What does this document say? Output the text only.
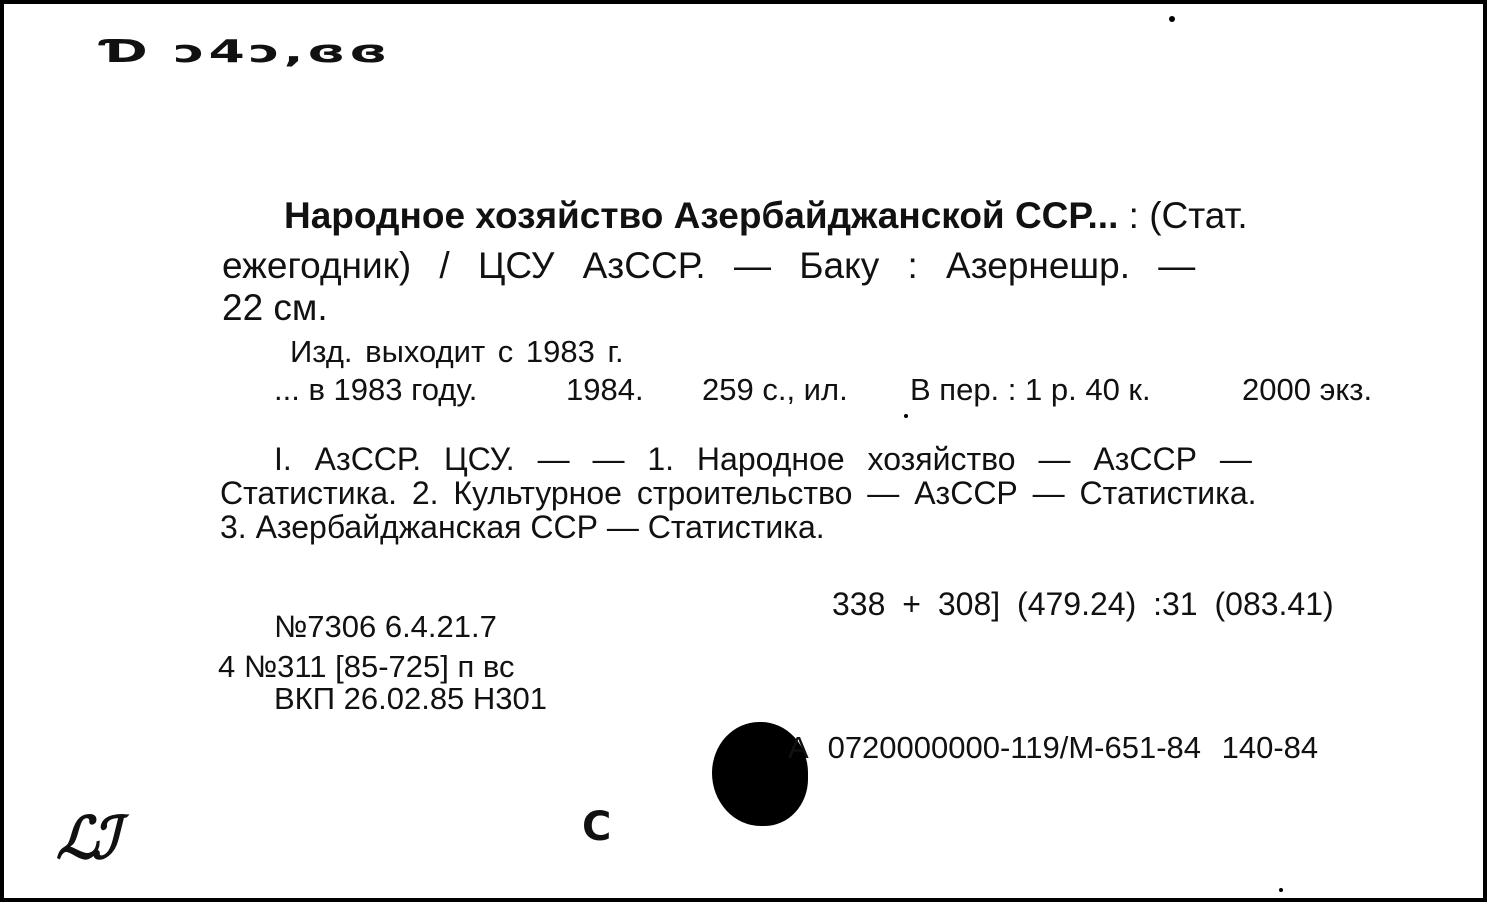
Ɗ ɔ4ɔ,ɞɞ
Народное хозяйство Азербайджанской ССР... : (Стат.
ежегодник) / ЦСУ АзССР. — Баку : Азернешр. —
22 см.
Изд. выходит с 1983 г.
... в 1983 году.	1984. 259 с., ил. В пер. : 1 р. 40 к.	2000 экз.
I. АзССР. ЦСУ. — — 1. Народное хозяйство — АзССР —
Статистика. 2. Культурное строительство — АзССР — Статистика.
3. Азербайджанская ССР — Статистика.
338 + 308] (479.24) :31 (083.41)
№7306 6.4.21.7
4 №311 [85-725] п вс
ВКП 26.02.85 Н301
A 0720000000-119/М-651-84 140-84
С
ℒℐ
